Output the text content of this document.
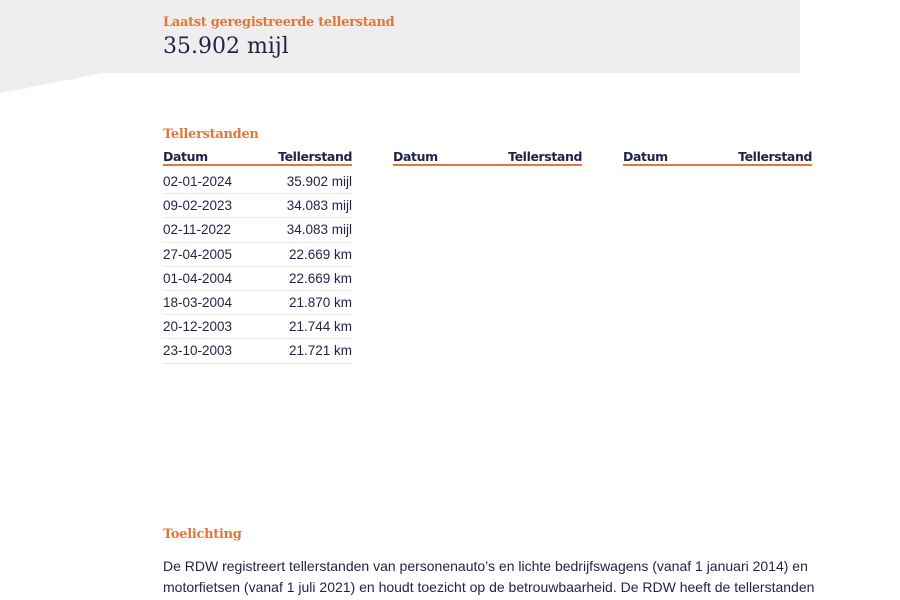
Laatst geregistreerde tellerstand
35.902 mijl
Tellerstanden
Datum	Tellerstand
02-01-2024	35.902 mijl
09-02-2023	34.083 mijl
02-11-2022	34.083 mijl
27-04-2005	22.669 km
01-04-2004	22.669 km
18-03-2004	21.870 km
20-12-2003	21.744 km
23-10-2003	21.721 km
Datum	Tellerstand	Datum	Tellerstand
Toelichting
De RDW registreert tellerstanden van personenauto’s en lichte bedrijfswagens (vanaf 1 januari 2014) en
motorfietsen (vanaf 1 juli 2021) en houdt toezicht op de betrouwbaarheid. De RDW heeft de tellerstanden
